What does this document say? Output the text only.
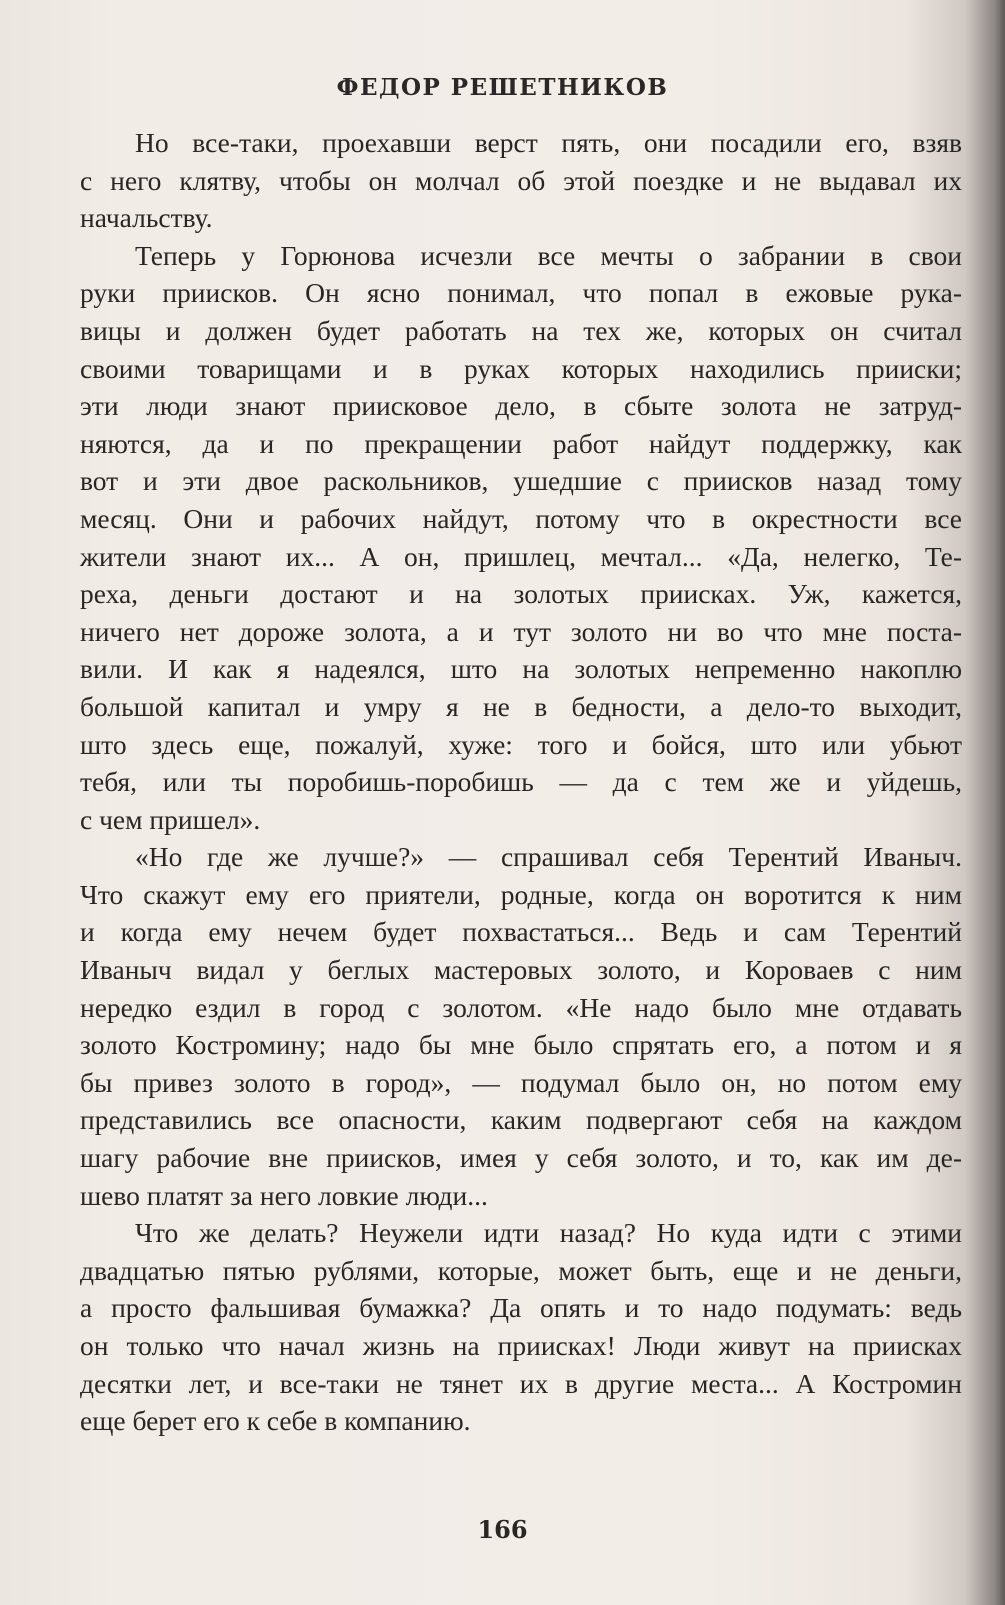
ФЕДОР РЕШЕТНИКОВ
Но все-таки, проехавши верст пять, они посадили его, взяв
с него клятву, чтобы он молчал об этой поездке и не выдавал их
начальству.
Теперь у Горюнова исчезли все мечты о забрании в свои
руки приисков. Он ясно понимал, что попал в ежовые рука-
вицы и должен будет работать на тех же, которых он считал
своими товарищами и в руках которых находились прииски;
эти люди знают приисковое дело, в сбыте золота не затруд-
няются, да и по прекращении работ найдут поддержку, как
вот и эти двое раскольников, ушедшие с приисков назад тому
месяц. Они и рабочих найдут, потому что в окрестности все
жители знают их... А он, пришлец, мечтал... «Да, нелегко, Те-
реха, деньги достают и на золотых приисках. Уж, кажется,
ничего нет дороже золота, а и тут золото ни во что мне поста-
вили. И как я надеялся, што на золотых непременно накоплю
большой капитал и умру я не в бедности, а дело-то выходит,
што здесь еще, пожалуй, хуже: того и бойся, што или убьют
тебя, или ты поробишь-поробишь — да с тем же и уйдешь,
с чем пришел».
«Но где же лучше?» — спрашивал себя Терентий Иваныч.
Что скажут ему его приятели, родные, когда он воротится к ним
и когда ему нечем будет похвастаться... Ведь и сам Терентий
Иваныч видал у беглых мастеровых золото, и Коровaев с ним
нередко ездил в город с золотом. «Не надо было мне отдавать
золото Костромину; надо бы мне было спрятать его, а потом и я
бы привез золото в город», — подумал было он, но потом ему
представились все опасности, каким подвергают себя на каждом
шагу рабочие вне приисков, имея у себя золото, и то, как им де-
шево платят за него ловкие люди...
Что же делать? Неужели идти назад? Но куда идти с этими
двадцатью пятью рублями, которые, может быть, еще и не деньги,
а просто фальшивая бумажка? Да опять и то надо подумать: ведь
он только что начал жизнь на приисках! Люди живут на приисках
десятки лет, и все-таки не тянет их в другие места... А Костромин
еще берет его к себе в компанию.
166
